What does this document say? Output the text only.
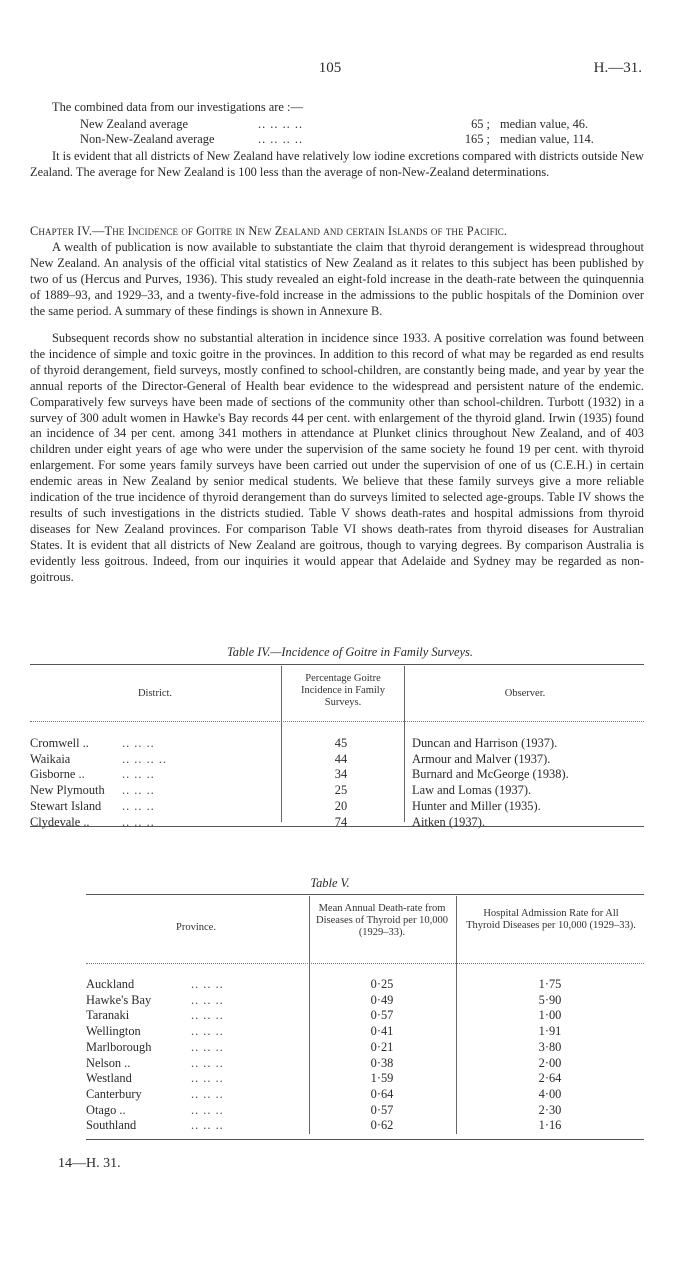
105	H.—31.
The combined data from our investigations are :—
New Zealand average	.. .. .. ..	65 ; median value, 46.
Non-New-Zealand average	.. .. .. ..	165 ; median value, 114.
It is evident that all districts of New Zealand have relatively low iodine excretions compared with districts outside New Zealand. The average for New Zealand is 100 less than the average of non-New-Zealand determinations.
Chapter IV.—The Incidence of Goitre in New Zealand and certain Islands of the Pacific.
A wealth of publication is now available to substantiate the claim that thyroid derangement is widespread throughout New Zealand. An analysis of the official vital statistics of New Zealand as it relates to this subject has been published by two of us (Hercus and Purves, 1936). This study revealed an eight-fold increase in the death-rate between the quinquennia of 1889–93, and 1929–33, and a twenty-five-fold increase in the admissions to the public hospitals of the Dominion over the same period. A summary of these findings is shown in Annexure B.
Subsequent records show no substantial alteration in incidence since 1933. A positive correlation was found between the incidence of simple and toxic goitre in the provinces. In addition to this record of what may be regarded as end results of thyroid derangement, field surveys, mostly confined to school-children, are constantly being made, and year by year the annual reports of the Director-General of Health bear evidence to the widespread and persistent nature of the endemic. Comparatively few surveys have been made of sections of the community other than school-children. Turbott (1932) in a survey of 300 adult women in Hawke's Bay records 44 per cent. with enlargement of the thyroid gland. Irwin (1935) found an incidence of 34 per cent. among 341 mothers in attendance at Plunket clinics throughout New Zealand, and of 403 children under eight years of age who were under the supervision of the same society he found 19 per cent. with thyroid enlargement. For some years family surveys have been carried out under the supervision of one of us (C.E.H.) in certain endemic areas in New Zealand by senior medical students. We believe that these family surveys give a more reliable indication of the true incidence of thyroid derangement than do surveys limited to selected age-groups. Table IV shows the results of such investigations in the districts studied. Table V shows death-rates and hospital admissions from thyroid diseases for New Zealand provinces. For comparison Table VI shows death-rates from thyroid diseases for Australian States. It is evident that all districts of New Zealand are goitrous, though to varying degrees. By comparison Australia is evidently less goitrous. Indeed, from our inquiries it would appear that Adelaide and Sydney may be regarded as non-goitrous.
Table IV.—Incidence of Goitre in Family Surveys.
District.
Percentage Goitre Incidence in Family Surveys.
Observer.
Cromwell ..	.. .. ..	45	Duncan and Harrison (1937).
Waikaia	.. .. .. ..	44	Armour and Malver (1937).
Gisborne ..	.. .. ..	34	Burnard and McGeorge (1938).
New Plymouth .. .. ..	25	Law and Lomas (1937).
Stewart Island .. .. ..	20	Hunter and Miller (1935).
Clydevale ..	.. .. ..	74	Aitken (1937).
Table V.
Province.
Mean Annual Death-rate from Diseases of Thyroid per 10,000 (1929–33).
Hospital Admission Rate for All Thyroid Diseases per 10,000 (1929–33).
Auckland	.. .. ..	0·25	1·75
Hawke's Bay	.. .. ..	0·49	5·90
Taranaki	.. .. ..	0·57	1·00
Wellington	.. .. ..	0·41	1·91
Marlborough	.. .. ..	0·21	3·80
Nelson ..	.. .. ..	0·38	2·00
Westland	.. .. ..	1·59	2·64
Canterbury	.. .. ..	0·64	4·00
Otago ..	.. .. ..	0·57	2·30
Southland	.. .. ..	0·62	1·16
14—H. 31.
